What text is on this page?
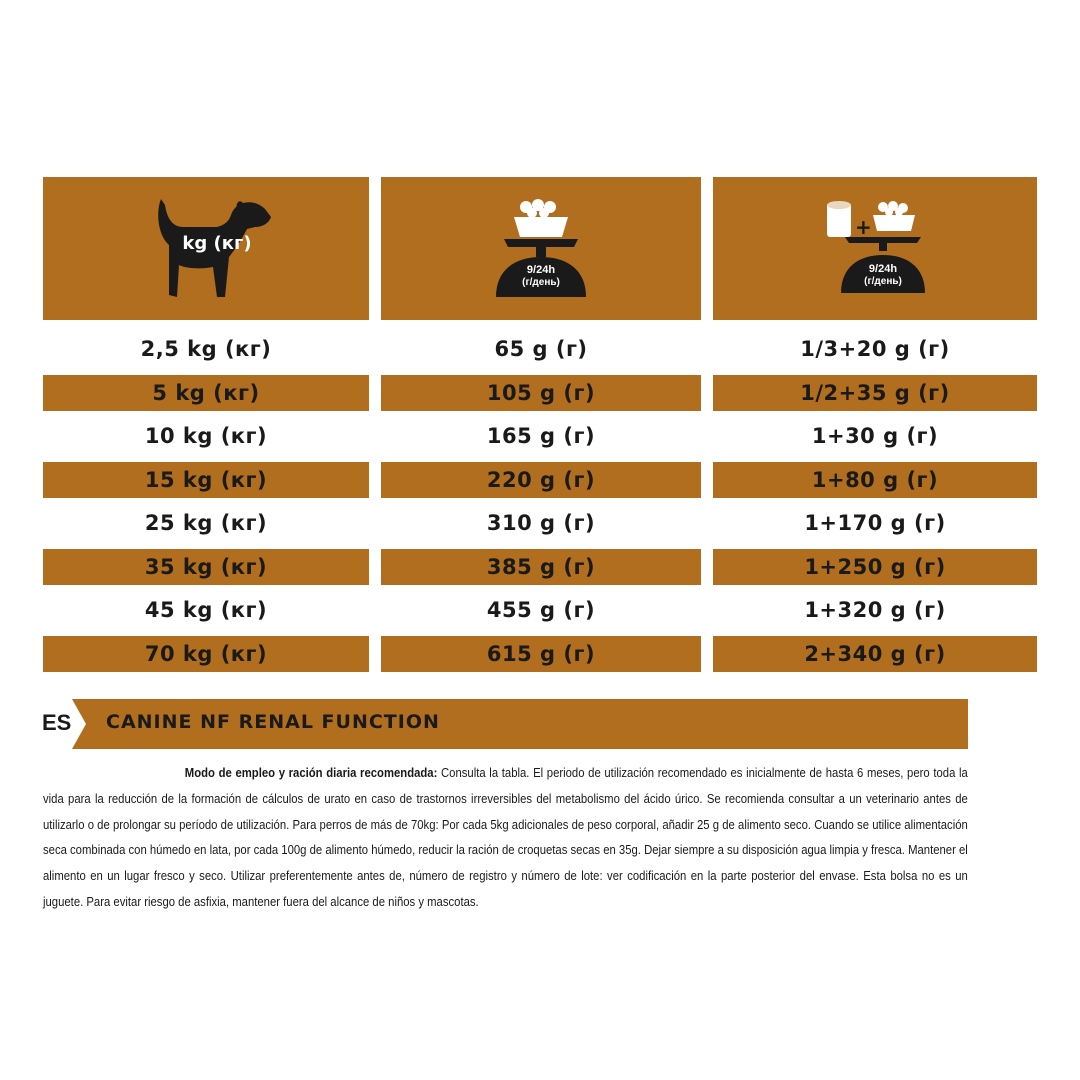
kg (кг)
9/24h
(г/день)
+
9/24h
(г/день)
2,5 kg (кг)	65 g (г)	1/3+20 g (г)
5 kg (кг)	105 g (г)	1/2+35 g (г)
10 kg (кг)	165 g (г)	1+30 g (г)
15 kg (кг)	220 g (г)	1+80 g (г)
25 kg (кг)	310 g (г)	1+170 g (г)
35 kg (кг)	385 g (г)	1+250 g (г)
45 kg (кг)	455 g (г)	1+320 g (г)
70 kg (кг)	615 g (г)	2+340 g (г)
ES CANINE NF RENAL FUNCTION
Modo de empleo y ración diaria recomendada: Consulta la tabla. El periodo de utilización recomendado es inicialmente de hasta 6 meses, pero toda la vida para la reducción de la formación de cálculos de urato en caso de trastornos irreversibles del metabolismo del ácido úrico. Se recomienda consultar a un veterinario antes de utilizarlo o de prolongar su período de utilización. Para perros de más de 70kg: Por cada 5kg adicionales de peso corporal, añadir 25 g de alimento seco. Cuando se utilice alimentación seca combinada con húmedo en lata, por cada 100g de alimento húmedo, reducir la ración de croquetas secas en 35g. Dejar siempre a su disposición agua limpia y fresca. Mantener el alimento en un lugar fresco y seco. Utilizar preferentemente antes de, número de registro y número de lote: ver codificación en la parte posterior del envase. Esta bolsa no es un juguete. Para evitar riesgo de asfixia, mantener fuera del alcance de niños y mascotas.
